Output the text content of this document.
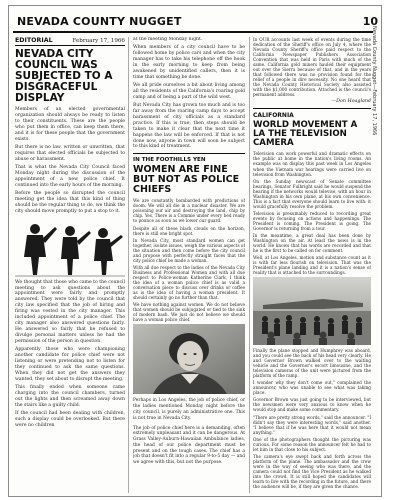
NEVADA COUNTY NUGGET	10
EDITORIAL	February 17, 1966
NEVADA CITY COUNCIL WAS SUBJECTED TO A DISGRACEFUL DISPLAY

Members of an elected governmental organization should always be ready to listen to their constituents. These are the people who put them in office, can keep them there, and it is for these people that the government exists.

But there is no law, written or unwritten, that requires that elected officials be subjected to abuse or harassment.

That is what the Nevada City Council faced Monday night during the discussion of the appointment of a new police chief. It continued into the early hours of the morning.

Before the people so disrupted the council meeting get the idea that this kind of thing should be the regular thing to do, we think the city should move promptly to put a stop to it.

We thought that those who came to the council meeting to ask questions about the appointment were fairly and promptly answered. They were told by the council that city law specified that the job of hiring and firing was vested in the city manager. This included appointment of a police chief. The city manager also answered questions fairly. He answered so fairly that he refused to divulge personal matters unless he had the permission of the person in question.

Apparently those who were championing another candidate for police chief were not listening or were pretending not to listen for they continued to ask the same questions. When they did not get the answers they wanted, they set about to disrupt the meeting.

This finally ended when someone came charging into the council chambers, turned out the lights and then screamed away down the stairs like a guilty child.

If the council had been dealing with children, such a display could be overlooked. But there were no children

at the meeting Monday night.

When members of a city council have to be followed home by police cars and when the city manager has to take his telephone off the hook in the early morning to keep from being awakened by unidentified callers, then it is time that something be done.

We all pride ourselves a bit about living among all the residents of the California's roaring gold camp and of being a part of the wild west.

But Nevada City has grown too much and is too far away from the roaring camp days to accept harassment of city officials as a standard practice. If this is true, then steps should be taken to make it clear that the next time it happens the law will be enforced. If that is not done now, anyone in town will soon be subject to this kind of treatment.

IN THE FOOTHILLS YEN
WOMEN ARE FINE BUT NOT AS POLICE CHIEFS

We are constantly bombarded with predictions of doom. We will all die in a nuclear disaster. We are poisoning our air and destroying the land, chip by chip. Yes, There is a Commie under every bed ready to pounce as soon as we lower our guard.

Despite all of these black clouds on the horizon, there is still one bright spot.

In Nevada City, most standard women can get together, isolate issues, weigh the various aspects of the situation and then come before the city council and propose with perfectly straight faces that the city police chief be made a woman.

With all due respect to the ladies of the Nevada City Business and Professional Women and with all due respect to Police-woman Katherine Clark, I think the idea of a woman police chief is as valid a conversation piece to discuss over drinks or coffee as is the idea of having a woman president. It should certainly go no further than that.

We have nothing against women. We do not believe that women should be subjugated or tied to the sink of modern bash. We just do not believe we should have a woman police chief.

Perhaps in Los Angeles, the job of police chief, or the ladies mentioned Monday night before the city council, is purely an administrative one. This is not true in Nevada City.

The job of police chief here is a demanding, often extremely unpleasant and it can be dangerous. At Grass Valley-Auburn-Hawaiian Ambulance ladies, the head of our police department must be present and on the tough cases. The chief has a job that doesn't fit into a regular 9-to-5 day — and we agree with this, but not the purpose.

In OUR accounts last week of events during the time dedication of the Sheriff's office on July 4, where the Nevada County Sheriff's office paid respect to the California Newspaper Publishers Association Convention that was held in Paris with much of the same. California gold miners hauled their equipment out over the Sierra because of that, and in the years that followed there was no provision found for the relief of a people in dire necessity. No one heard that the Nevada County Historical Society also assisted with the $1,000 contribution. Attached is the council's permanent address.

—Don Hoagland
CALIFORNIA
WORLD MOVEMENT A LA THE TELEVISION CAMERA

Television can work powerful and dramatic effects on the public at home in the nation's living rooms. An example was on display this past week in Los Angeles when the Vietnam war hearings were carried live on television from Washington.

On the Sunday newscast of Senate committee hearings, Senator Fulbright said he would suspend the hearing if the networks would televise, with an hour in Washington in his own plane, at his own convenience. This is a fact that everyone should learn to live with: it would gracefully resolve the problem.

Television is presumably reduced to recording great events by focusing on actions and happenings. The President is coming. The President is going. The Governor is returning from a tour.

In the meantime, a great deal has been done by Washington on the air. At least the news is in the world. He knows that his words are recorded and that he is the first to be called on for comment.

Well, at Los Angeles, motion and substance count as it is with far less flourish on television. That was the President's plane landing and it is a nation's sense of reality that is attached to the surroundings.

Finally the plane stopped and Humphrey was aboard, and you could see the back of his head very clearly. He and Governor Brown walked over to the waiting vehicle and the Governor's escort limousine, and the television cameras of the unit were pictured from the platform of the ramp.

I wonder why they don't come out," complained the announcer, who was unable to see what was taking place.

Governor Brown was just going to be interviewed, but the newsmen were very anxious to know when he would stop and make some commentary.

"There are pretty strong words," said the announcer. "I didn't say they were interesting words," said another. "I believe that if he was here that it would not mean anything."

One of the photographers thought the picturing was curious. For some reason the announcer felt he had to let him in that close to his subject.

The camera's eye swept back and forth across the platform of the plane. The ambassador and the crew were in the way of seeing who was there, and the camera could not find the Vice President as he walked into the crowd. It is still hoped the candidates will learn to live with the recording in the future, and there the audience will be, if they are given the chance.

Nevada County Nugget—February 17, 1966
